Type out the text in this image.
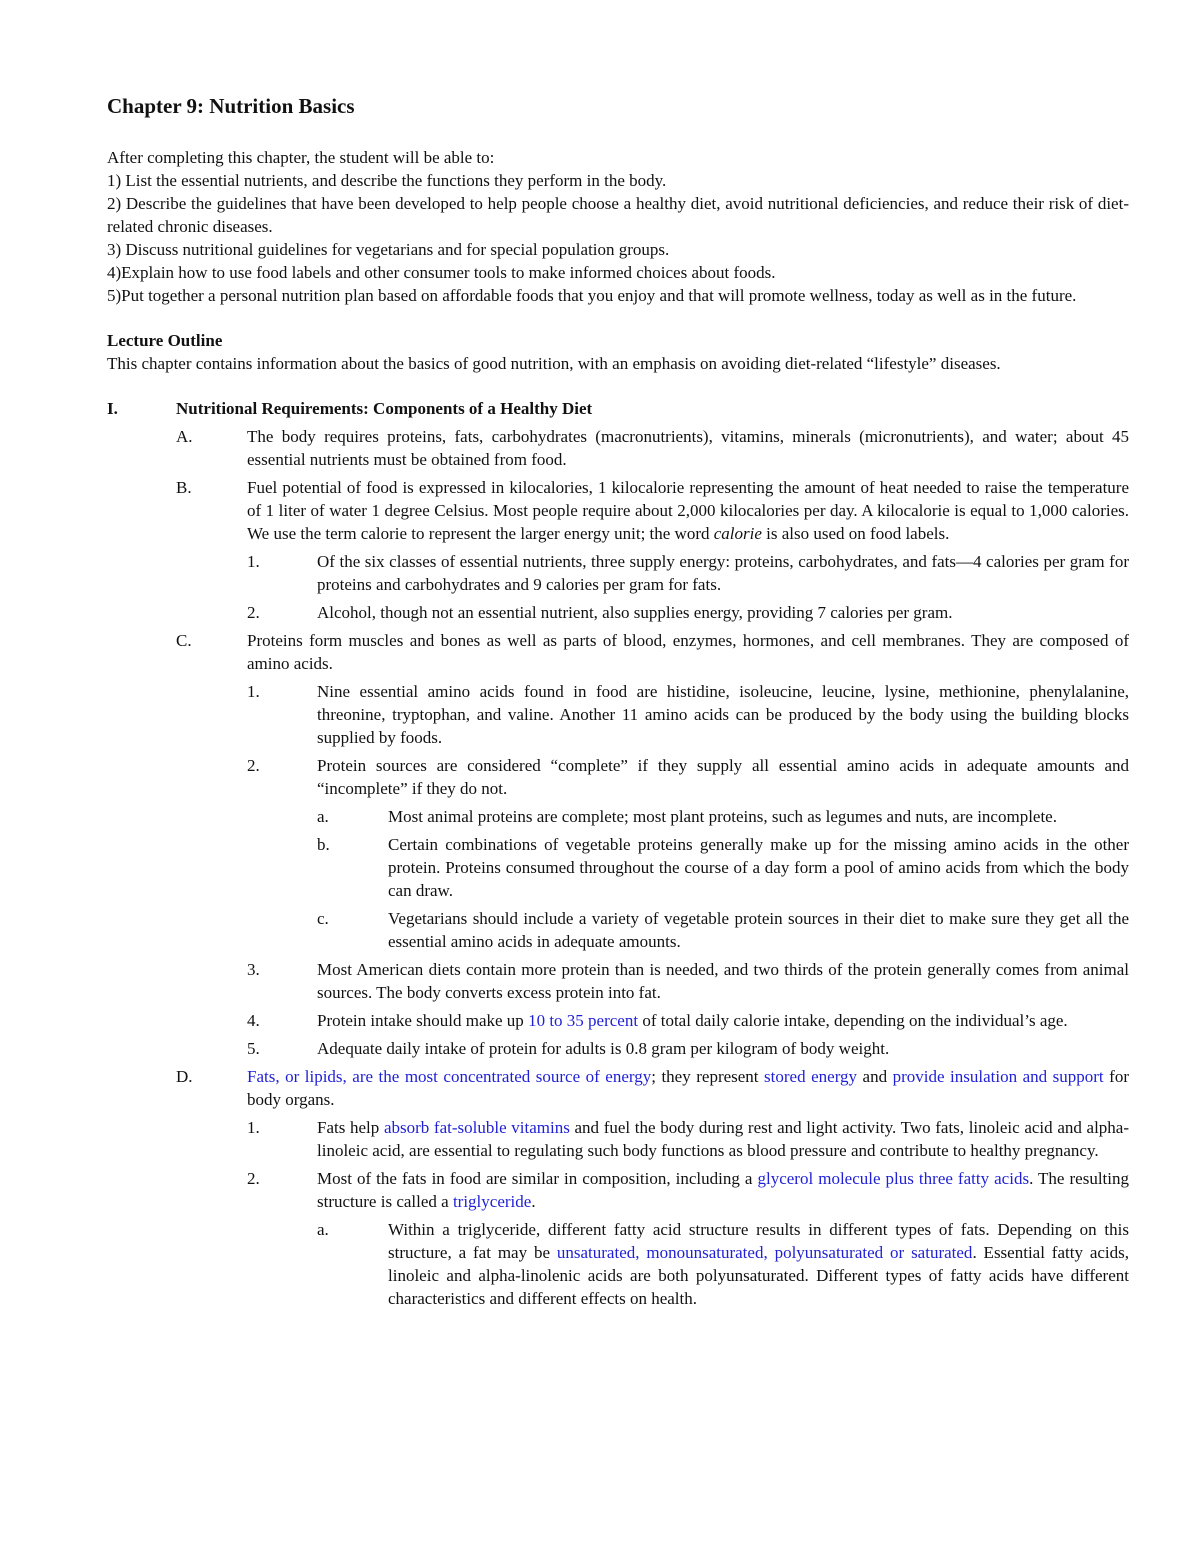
Chapter 9: Nutrition Basics

After completing this chapter, the student will be able to:

1) List the essential nutrients, and describe the functions they perform in the body.

2) Describe the guidelines that have been developed to help people choose a healthy diet, avoid nutritional deficiencies, and reduce their risk of diet-related chronic diseases.

3) Discuss nutritional guidelines for vegetarians and for special population groups.

4)Explain how to use food labels and other consumer tools to make informed choices about foods.

5)Put together a personal nutrition plan based on affordable foods that you enjoy and that will promote wellness, today as well as in the future.

Lecture Outline

This chapter contains information about the basics of good nutrition, with an emphasis on avoiding diet-related “lifestyle” diseases.

I.	Nutritional Requirements: Components of a Healthy Diet
A.	The body requires proteins, fats, carbohydrates (macronutrients), vitamins, minerals (micronutrients), and water; about 45 essential nutrients must be obtained from food.
B.	Fuel potential of food is expressed in kilocalories, 1 kilocalorie representing the amount of heat needed to raise the temperature of 1 liter of water 1 degree Celsius. Most people require about 2,000 kilocalories per day. A kilocalorie is equal to 1,000 calories. We use the term calorie to represent the larger energy unit; the word calorie is also used on food labels.
1.	Of the six classes of essential nutrients, three supply energy: proteins, carbohydrates, and fats—4 calories per gram for proteins and carbohydrates and 9 calories per gram for fats.
2.	Alcohol, though not an essential nutrient, also supplies energy, providing 7 calories per gram.
C.	Proteins form muscles and bones as well as parts of blood, enzymes, hormones, and cell membranes. They are composed of amino acids.
1.	Nine essential amino acids found in food are histidine, isoleucine, leucine, lysine, methionine, phenylalanine, threonine, tryptophan, and valine. Another 11 amino acids can be produced by the body using the building blocks supplied by foods.
2.	Protein sources are considered “complete” if they supply all essential amino acids in adequate amounts and “incomplete” if they do not.
a.	Most animal proteins are complete; most plant proteins, such as legumes and nuts, are incomplete.
b.	Certain combinations of vegetable proteins generally make up for the missing amino acids in the other protein. Proteins consumed throughout the course of a day form a pool of amino acids from which the body can draw.
c.	Vegetarians should include a variety of vegetable protein sources in their diet to make sure they get all the essential amino acids in adequate amounts.
3.	Most American diets contain more protein than is needed, and two thirds of the protein generally comes from animal sources. The body converts excess protein into fat.
4.	Protein intake should make up 10 to 35 percent of total daily calorie intake, depending on the individual’s age.
5.	Adequate daily intake of protein for adults is 0.8 gram per kilogram of body weight.
D.	Fats, or lipids, are the most concentrated source of energy; they represent stored energy and provide insulation and support for body organs.
1.	Fats help absorb fat-soluble vitamins and fuel the body during rest and light activity. Two fats, linoleic acid and alpha-linoleic acid, are essential to regulating such body functions as blood pressure and contribute to healthy pregnancy.
2.	Most of the fats in food are similar in composition, including a glycerol molecule plus three fatty acids. The resulting structure is called a triglyceride.
a.	Within a triglyceride, different fatty acid structure results in different types of fats. Depending on this structure, a fat may be unsaturated, monounsaturated, polyunsaturated or saturated. Essential fatty acids, linoleic and alpha-linolenic acids are both polyunsaturated. Different types of fatty acids have different characteristics and different effects on health.
